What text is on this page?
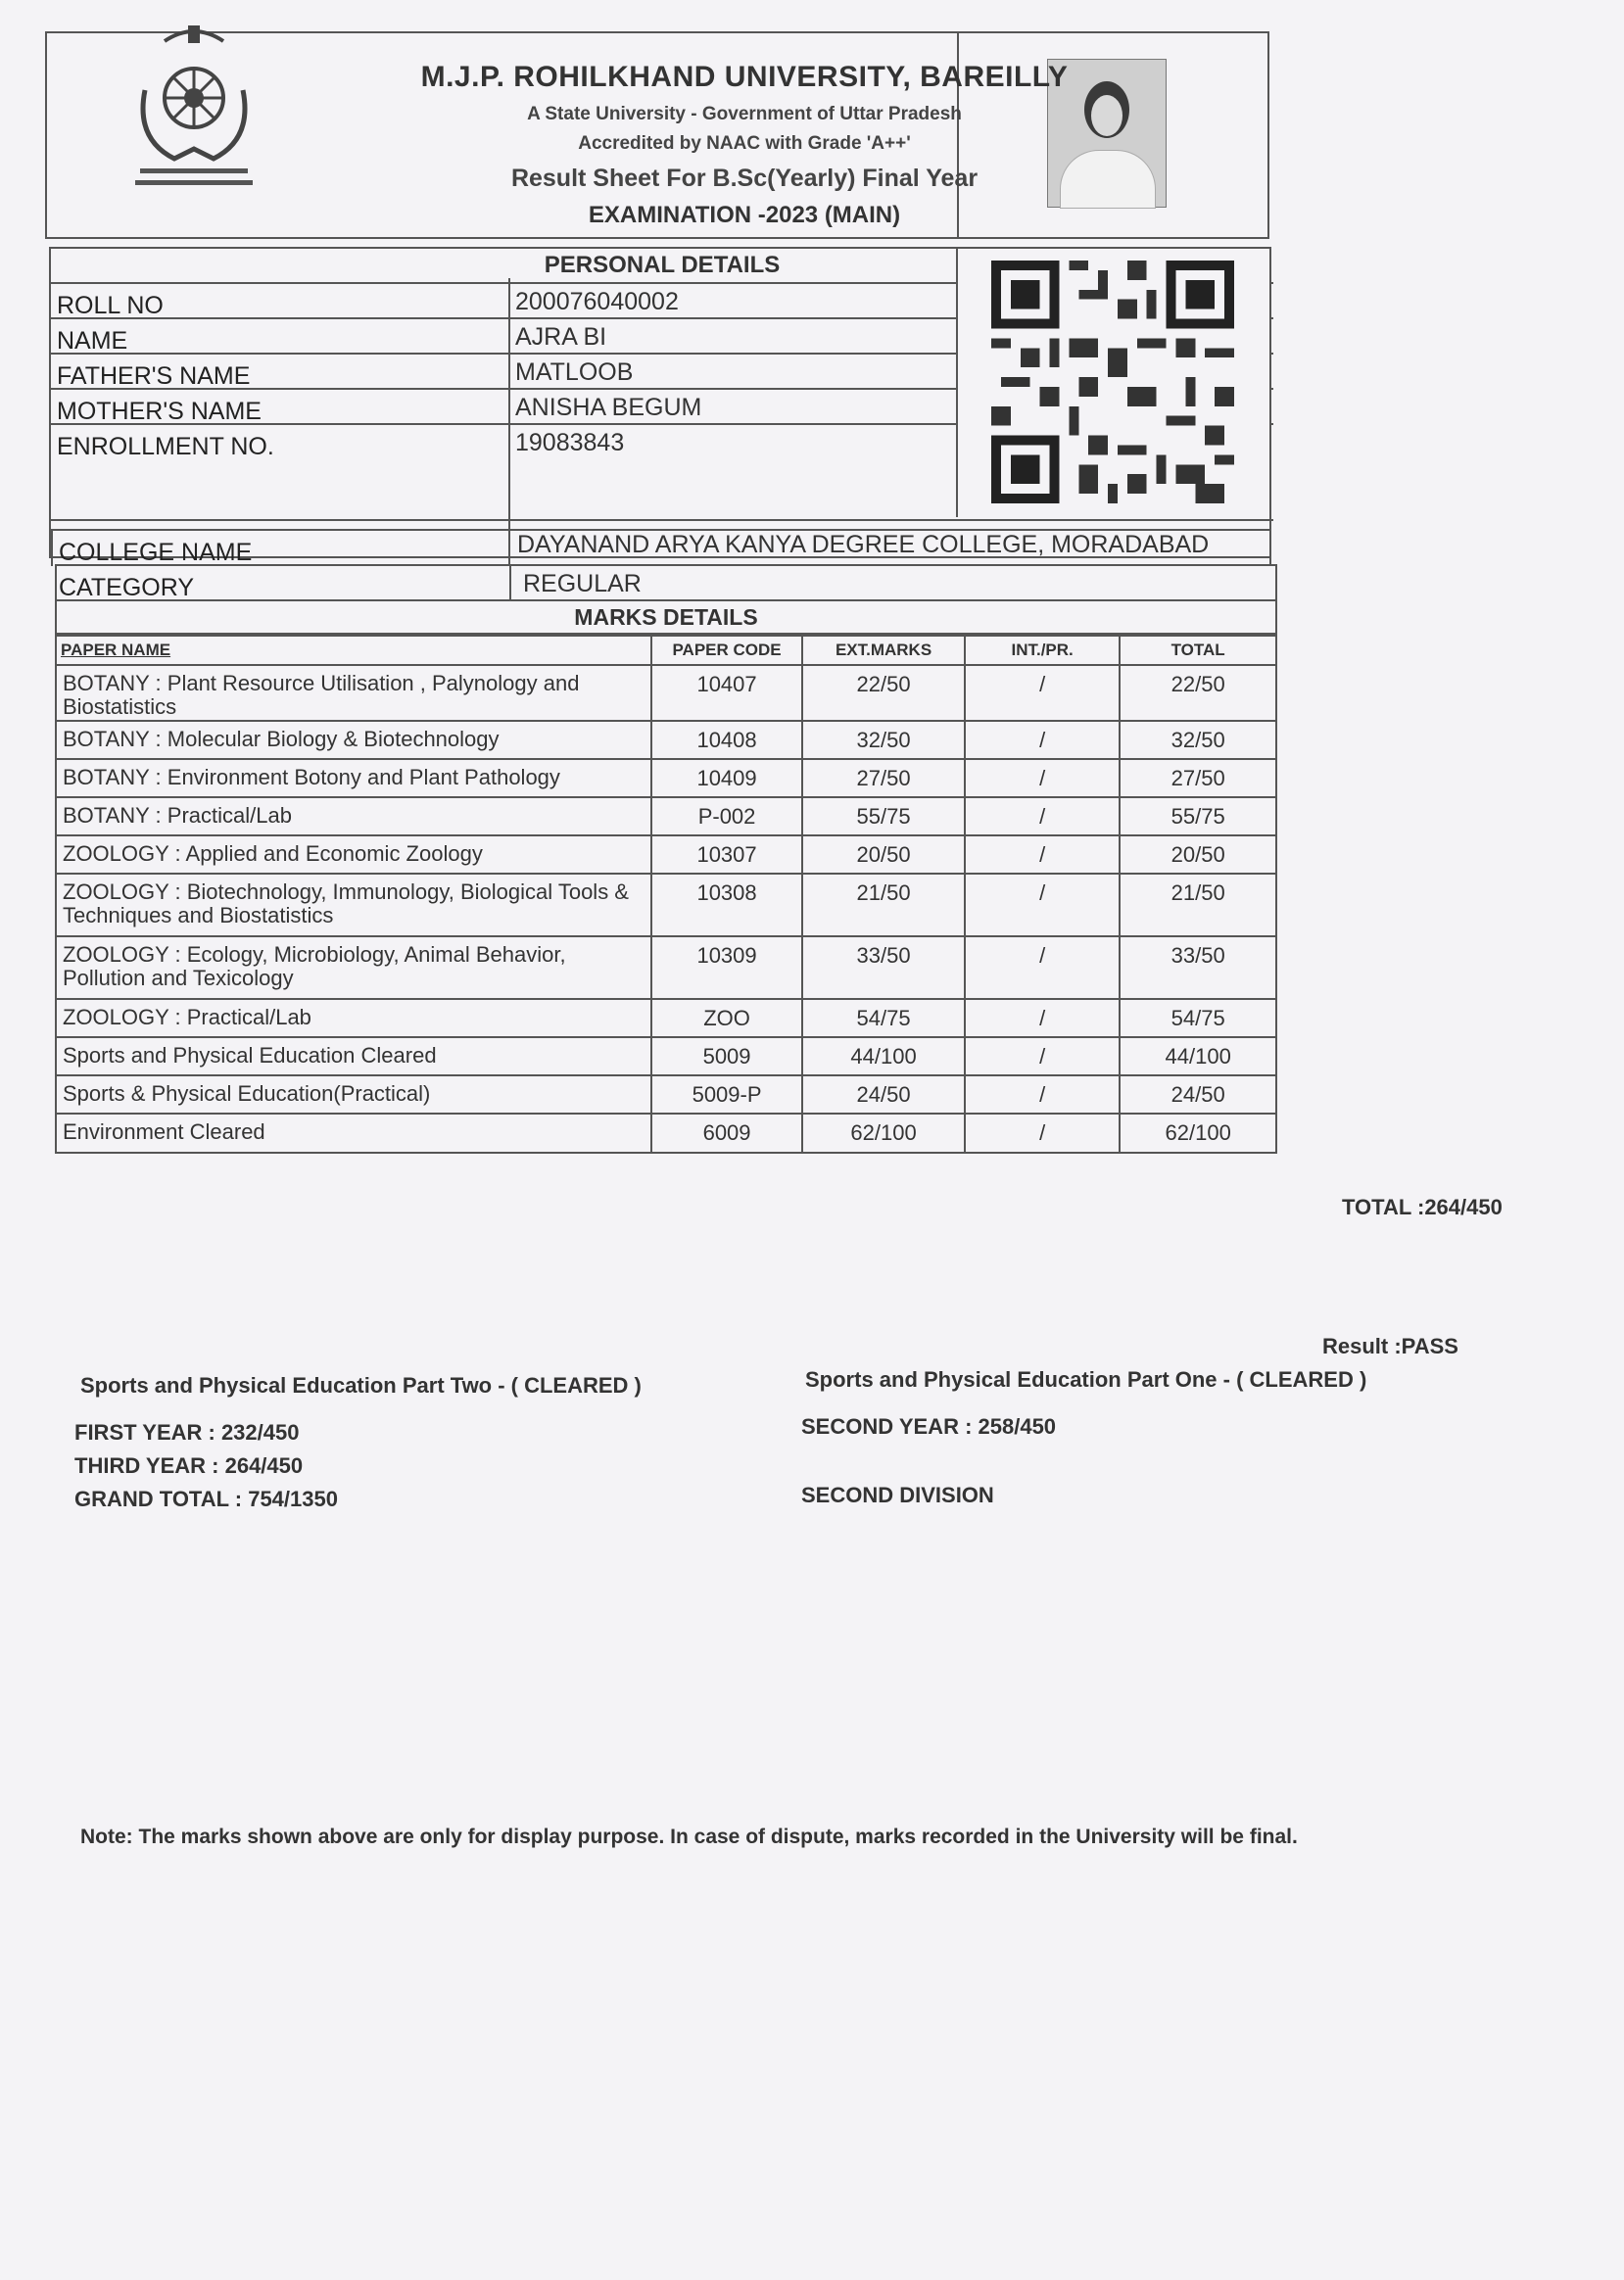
M.J.P. ROHILKHAND UNIVERSITY, BAREILLY
A State University - Government of Uttar Pradesh
Accredited by NAAC with Grade 'A++'
Result Sheet For B.Sc(Yearly) Final Year
EXAMINATION -2023 (MAIN)
PERSONAL DETAILS
ROLL NO	200076040002
NAME	AJRA BI
FATHER'S NAME	MATLOOB
MOTHER'S NAME	ANISHA BEGUM
ENROLLMENT NO.	19083843
COLLEGE NAME	DAYANAND ARYA KANYA DEGREE COLLEGE, MORADABAD
CATEGORY	REGULAR
MARKS DETAILS
PAPER NAME	PAPER CODE	EXT.MARKS	INT./PR.	TOTAL
BOTANY : Plant Resource Utilisation , Palynology and Biostatistics	10407	22/50	/	22/50
BOTANY : Molecular Biology & Biotechnology	10408	32/50	/	32/50
BOTANY : Environment Botony and Plant Pathology	10409	27/50	/	27/50
BOTANY : Practical/Lab	P-002	55/75	/	55/75
ZOOLOGY : Applied and Economic Zoology	10307	20/50	/	20/50
ZOOLOGY : Biotechnology, Immunology, Biological Tools & Techniques and Biostatistics	10308	21/50	/	21/50
ZOOLOGY : Ecology, Microbiology, Animal Behavior, Pollution and Texicology	10309	33/50	/	33/50
ZOOLOGY : Practical/Lab	ZOO	54/75	/	54/75
Sports and Physical Education Cleared	5009	44/100	/	44/100
Sports & Physical Education(Practical)	5009-P	24/50	/	24/50
Environment Cleared	6009	62/100	/	62/100
TOTAL :264/450
Result :PASS
Sports and Physical Education Part Two - ( CLEARED )	Sports and Physical Education Part One - ( CLEARED )
FIRST YEAR : 232/450	SECOND YEAR : 258/450
THIRD YEAR : 264/450
GRAND TOTAL : 754/1350	SECOND DIVISION
Note: The marks shown above are only for display purpose. In case of dispute, marks recorded in the University will be final.
